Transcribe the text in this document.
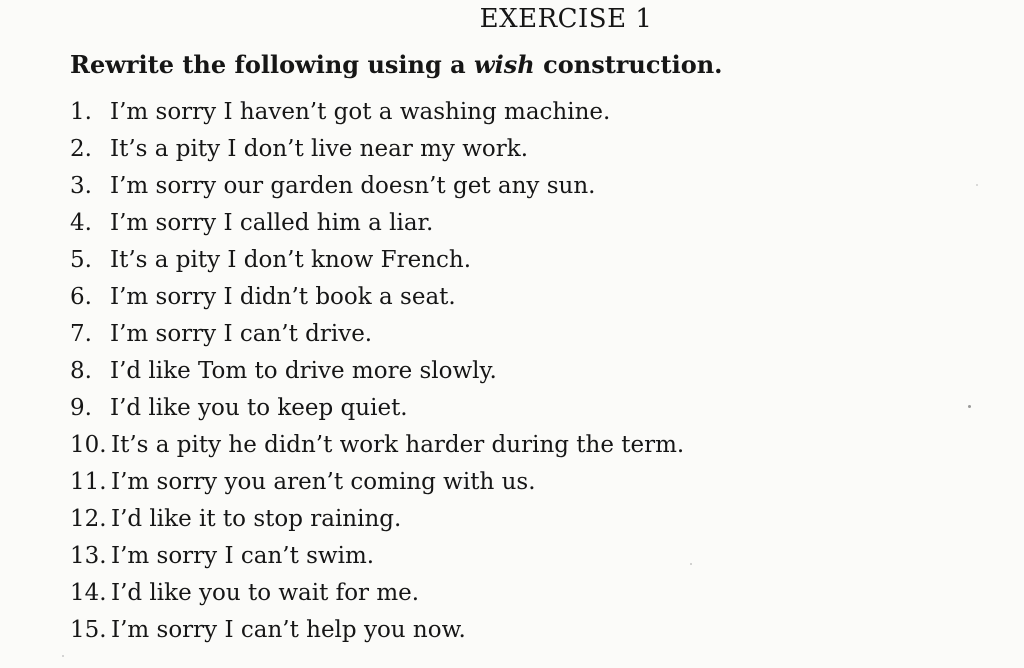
EXERCISE 1

Rewrite the following using a wish construction.

1. I’m sorry I haven’t got a washing machine.
2. It’s a pity I don’t live near my work.
3. I’m sorry our garden doesn’t get any sun.
4. I’m sorry I called him a liar.
5. It’s a pity I don’t know French.
6. I’m sorry I didn’t book a seat.
7. I’m sorry I can’t drive.
8. I’d like Tom to drive more slowly.
9. I’d like you to keep quiet.
10. It’s a pity he didn’t work harder during the term.
11. I’m sorry you aren’t coming with us.
12. I’d like it to stop raining.
13. I’m sorry I can’t swim.
14. I’d like you to wait for me.
15. I’m sorry I can’t help you now.
